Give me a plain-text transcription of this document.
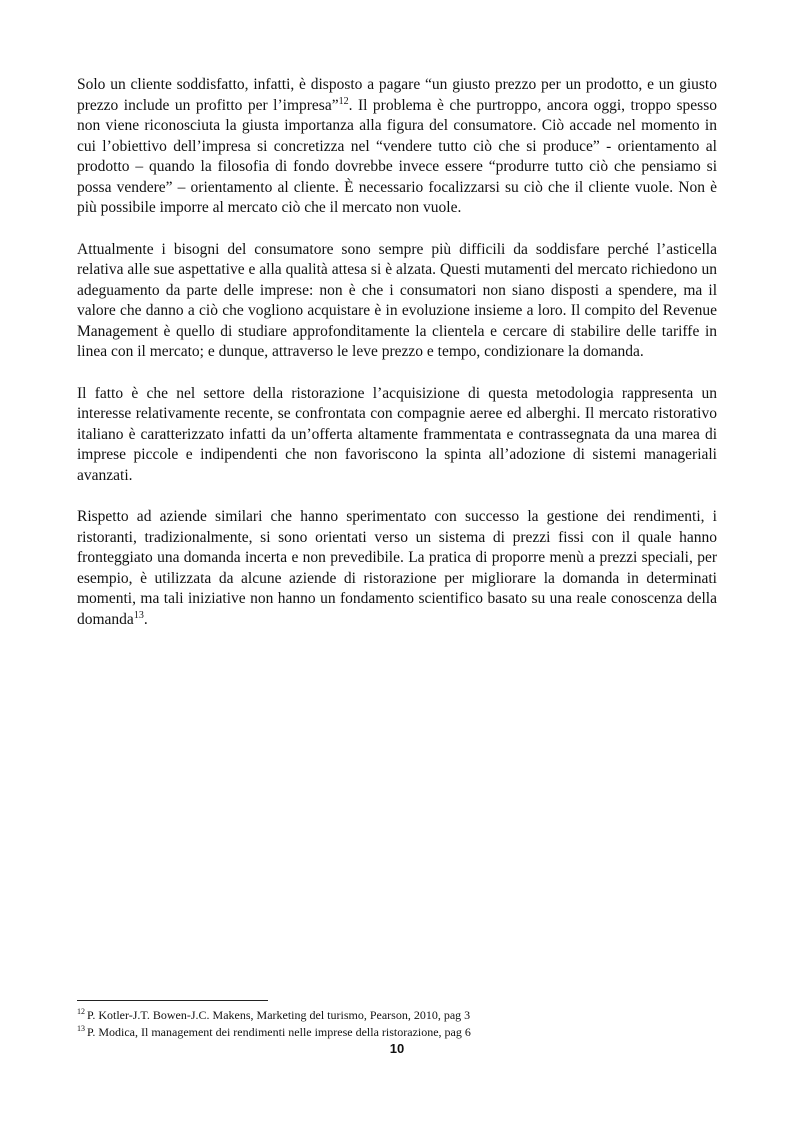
Solo un cliente soddisfatto, infatti, è disposto a pagare “un giusto prezzo per un prodotto, e un giusto prezzo include un profitto per l’impresa”$^{12}$. Il problema è che purtroppo, ancora oggi, troppo spesso non viene riconosciuta la giusta importanza alla figura del consumatore. Ciò accade nel momento in cui l’obiettivo dell’impresa si concretizza nel “vendere tutto ciò che si produce” - orientamento al prodotto – quando la filosofia di fondo dovrebbe invece essere “produrre tutto ciò che pensiamo si possa vendere” – orientamento al cliente. È necessario focalizzarsi su ciò che il cliente vuole. Non è più possibile imporre al mercato ciò che il mercato non vuole.

Attualmente i bisogni del consumatore sono sempre più difficili da soddisfare perché l’asticella relativa alle sue aspettative e alla qualità attesa si è alzata. Questi mutamenti del mercato richiedono un adeguamento da parte delle imprese: non è che i consumatori non siano disposti a spendere, ma il valore che danno a ciò che vogliono acquistare è in evoluzione insieme a loro. Il compito del Revenue Management è quello di studiare approfonditamente la clientela e cercare di stabilire delle tariffe in linea con il mercato; e dunque, attraverso le leve prezzo e tempo, condizionare la domanda.

Il fatto è che nel settore della ristorazione l’acquisizione di questa metodologia rappresenta un interesse relativamente recente, se confrontata con compagnie aeree ed alberghi. Il mercato ristorativo italiano è caratterizzato infatti da un’offerta altamente frammentata e contrassegnata da una marea di imprese piccole e indipendenti che non favoriscono la spinta all’adozione di sistemi manageriali avanzati.

Rispetto ad aziende similari che hanno sperimentato con successo la gestione dei rendimenti, i ristoranti, tradizionalmente, si sono orientati verso un sistema di prezzi fissi con il quale hanno fronteggiato una domanda incerta e non prevedibile. La pratica di proporre menù a prezzi speciali, per esempio, è utilizzata da alcune aziende di ristorazione per migliorare la domanda in determinati momenti, ma tali iniziative non hanno un fondamento scientifico basato su una reale conoscenza della domanda$^{13}$.

$^{12}$ P. Kotler-J.T. Bowen-J.C. Makens, Marketing del turismo, Pearson, 2010, pag 3

$^{13}$ P. Modica, Il management dei rendimenti nelle imprese della ristorazione, pag 6

10
